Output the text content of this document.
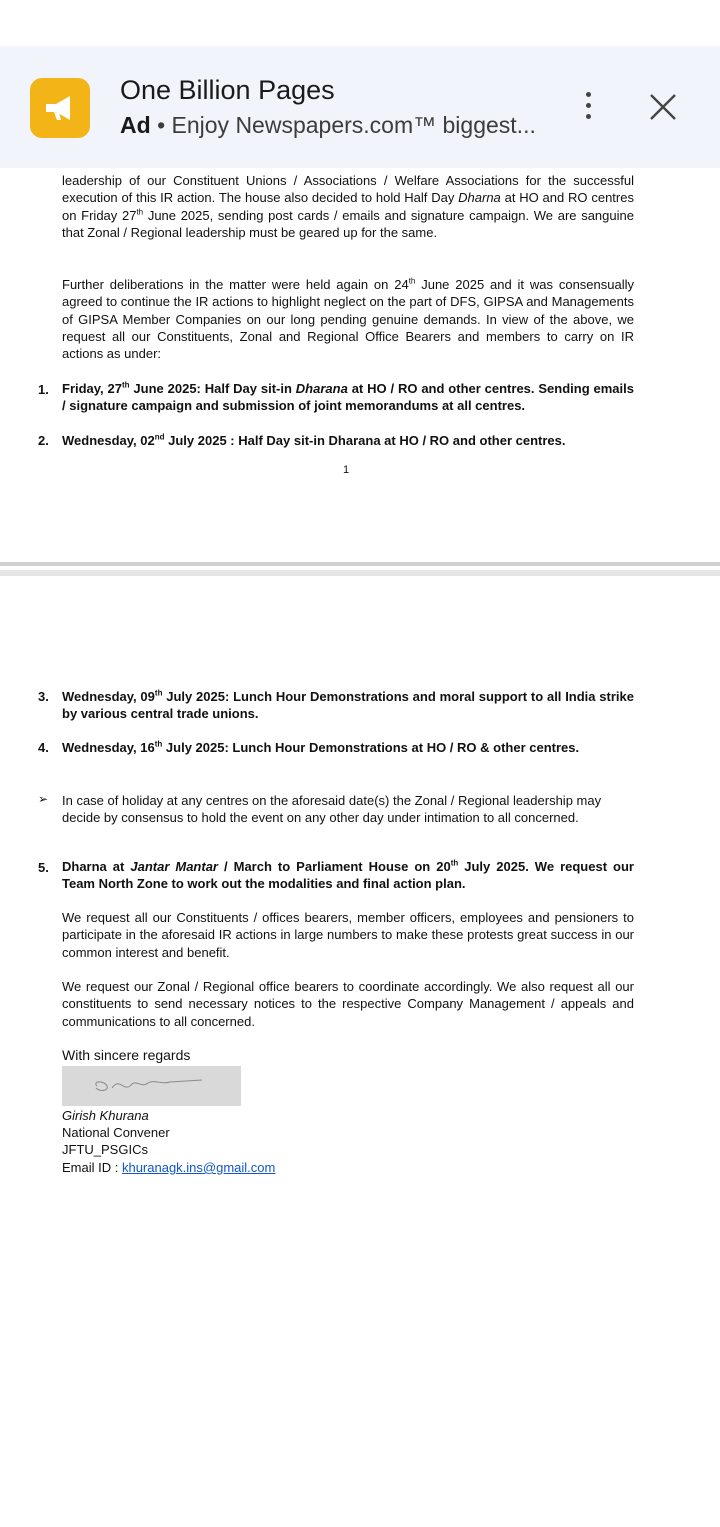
One Billion Pages
Ad • Enjoy Newspapers.com™ biggest...
leadership of our Constituent Unions / Associations / Welfare Associations for the successful execution of this IR action. The house also decided to hold Half Day Dharna at HO and RO centres on Friday 27th June 2025, sending post cards / emails and signature campaign. We are sanguine that Zonal / Regional leadership must be geared up for the same.
Further deliberations in the matter were held again on 24th June 2025 and it was consensually agreed to continue the IR actions to highlight neglect on the part of DFS, GIPSA and Managements of GIPSA Member Companies on our long pending genuine demands. In view of the above, we request all our Constituents, Zonal and Regional Office Bearers and members to carry on IR actions as under:
1. Friday, 27th June 2025: Half Day sit-in Dharana at HO / RO and other centres. Sending emails / signature campaign and submission of joint memorandums at all centres.
2. Wednesday, 02nd July 2025 : Half Day sit-in Dharana at HO / RO and other centres.
1
3. Wednesday, 09th July 2025: Lunch Hour Demonstrations and moral support to all India strike by various central trade unions.
4. Wednesday, 16th July 2025: Lunch Hour Demonstrations at HO / RO & other centres.
➢ In case of holiday at any centres on the aforesaid date(s) the Zonal / Regional leadership may decide by consensus to hold the event on any other day under intimation to all concerned.
5. Dharna at Jantar Mantar / March to Parliament House on 20th July 2025. We request our Team North Zone to work out the modalities and final action plan.
We request all our Constituents / offices bearers, member officers, employees and pensioners to participate in the aforesaid IR actions in large numbers to make these protests great success in our common interest and benefit.
We request our Zonal / Regional office bearers to coordinate accordingly. We also request all our constituents to send necessary notices to the respective Company Management / appeals and communications to all concerned.
With sincere regards
Girish Khurana
National Convener
JFTU_PSGICs
Email ID : khuranagk.ins@gmail.com
